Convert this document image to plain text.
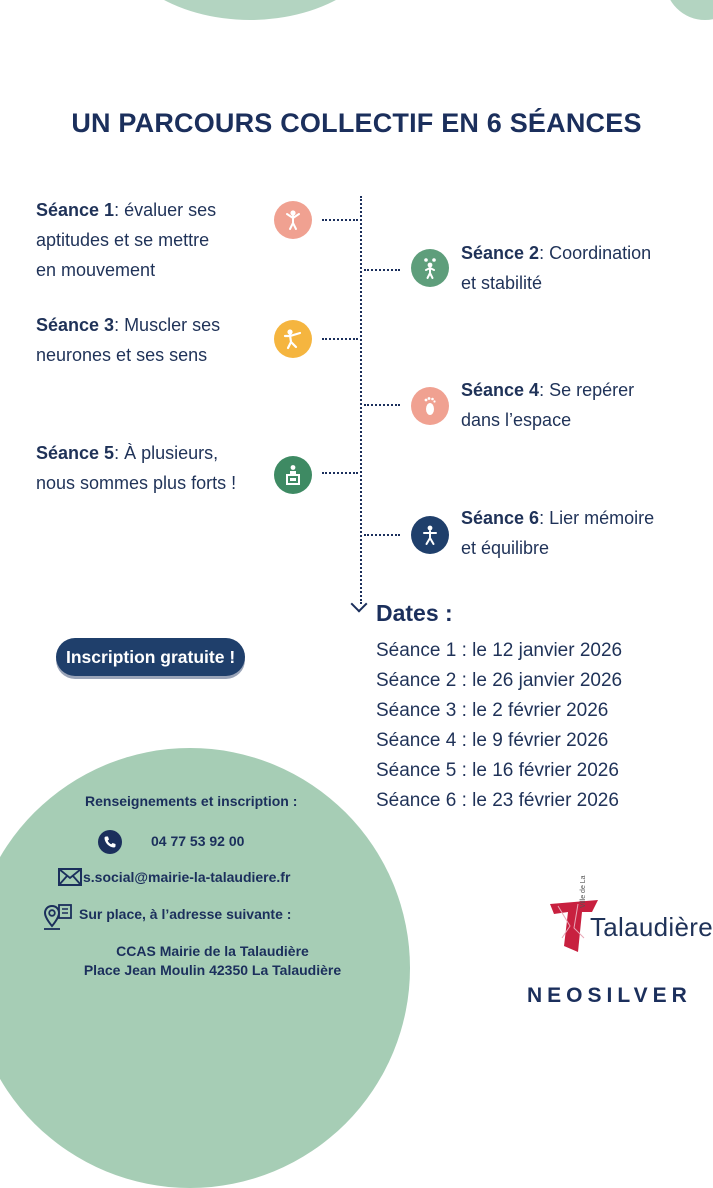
UN PARCOURS COLLECTIF EN 6 SÉANCES
Séance 1: évaluer ses
aptitudes et se mettre
en mouvement
Séance 2: Coordination
et stabilité
Séance 3: Muscler ses
neurones et ses sens
Séance 4: Se repérer
dans l’espace
Séance 5: À plusieurs,
nous sommes plus forts !
Séance 6: Lier mémoire
et équilibre
Dates :
Séance 1 : le 12 janvier 2026
Séance 2 : le 26 janvier 2026
Séance 3 : le 2 février 2026
Séance 4 : le 9 février 2026
Séance 5 : le 16 février 2026
Séance 6 : le 23 février 2026
Inscription gratuite !
Renseignements et inscription :
04 77 53 92 00
s.social@mairie-la-talaudiere.fr
Sur place, à l’adresse suivante :
CCAS Mairie de la Talaudière
Place Jean Moulin 42350 La Talaudière
Ville de La
Talaudière
NEOSILVER
